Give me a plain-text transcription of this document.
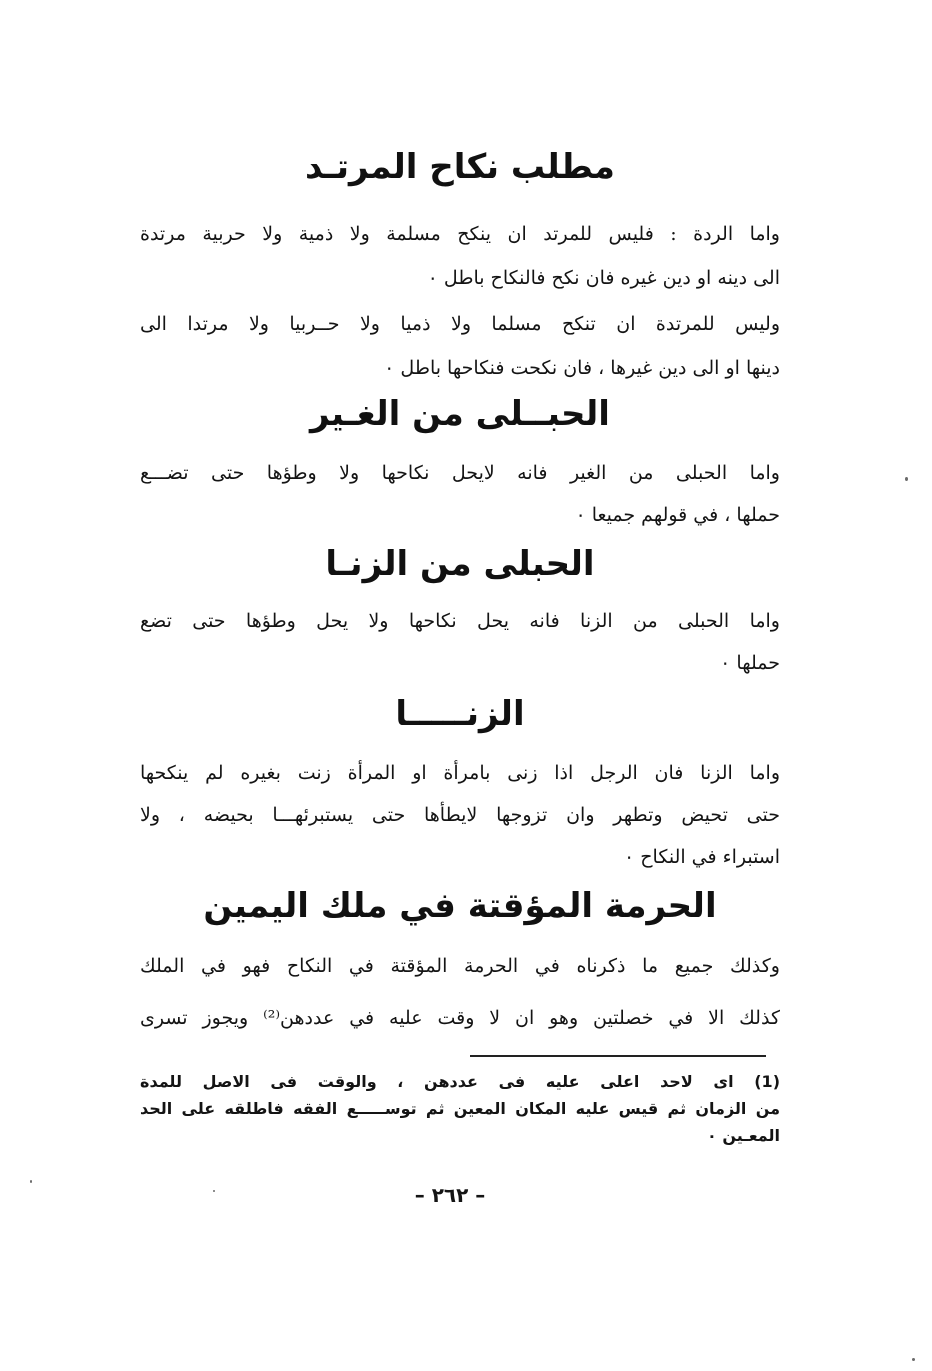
مطلب نكاح المرتـد

واما الردة : فليس للمرتد ان ينكح مسلمة ولا ذمية ولا حربية مرتدة
الى دينه او دين غيره فان نكح فالنكاح باطل ٠

وليس للمرتدة ان تنكح مسلما ولا ذميا ولا حــربيا ولا مرتدا الى
دينها او الى دين غيرها ، فان نكحت فنكاحها باطل ٠

الحبــلى من الغـير

واما الحبلى من الغير فانه لايحل نكاحها ولا وطؤها حتى تضـــع
حملها ، في قولهم جميعا ٠

الحبلى من الزنـا

واما الحبلى من الزنا فانه يحل نكاحها ولا يحل وطؤها حتى تضع
حملها ٠

الزنـــــا

واما الزنا فان الرجل اذا زنى بامرأة او المرأة زنت بغيره لم ينكحها
حتى تحيض وتطهر وان تزوجها لايطأها حتى يستبرئهـــا بحيضه ، ولا
استبراء في النكاح ٠

الحرمة المؤقتة في ملك اليمين

وكذلك جميع ما ذكرناه في الحرمة المؤقتة في النكاح فهو في الملك
كذلك الا في خصلتين وهو ان لا وقت عليه في عددهن⁽²⁾ ويجوز تسرى

(1) اى لاحد اعلى عليه فى عددهن ، والوقت فى الاصل للمدة
من الزمان ثم قيس عليه المكان المعين ثم توســـــع الفقه فاطلقه على الحد
المعـين ٠

– ٢٦٢ –
